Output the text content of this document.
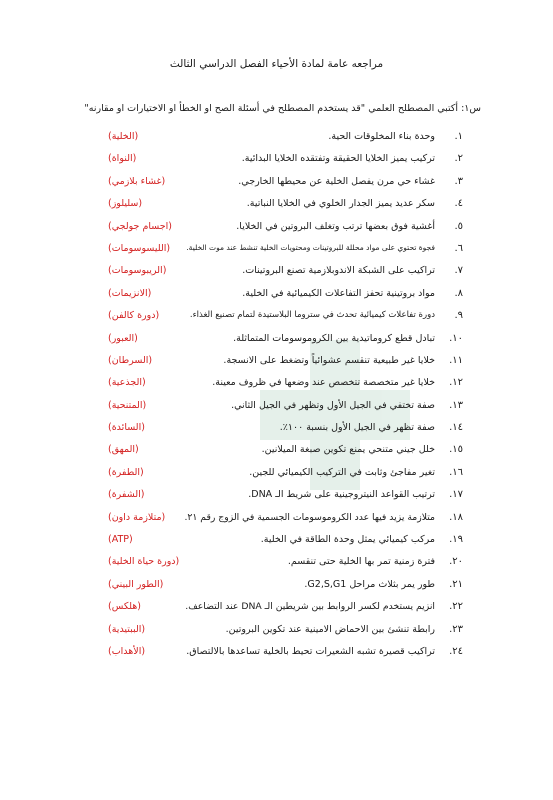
مراجعه عامة لمادة الأحياء الفصل الدراسي الثالث
س١: أكتبي المصطلح العلمي "قد يستخدم المصطلح في أسئلة الصح او الخطأ او الاختيارات او مقارنه"
١.
وحدة بناء المخلوقات الحية.
(الخلية)
٢.
تركيب يميز الخلايا الحقيقة وتفتقده الخلايا البدائية.
(النواة)
٣.
غشاء حي مرن يفصل الخلية عن محيطها الخارجي.
(غشاء بلازمي)
٤.
سكر عديد يميز الجدار الخلوي في الخلايا النباتية.
(سليلوز)
٥.
أغشية فوق بعضها ترتب وتغلف البروتين في الخلايا.
(اجسام جولجي)
٦.
فجوة تحتوي على مواد محللة للبروتينات ومحتويات الخلية تنشط عند موت الخلية.
(الليسوسومات)
٧.
تراكيب على الشبكة الاندوبلازمية تصنع البروتينات.
(الريبوسومات)
٨.
مواد بروتينية تحفز التفاعلات الكيميائية في الخلية.
(الانزيمات)
٩.
دورة تفاعلات كيميائية تحدث في ستروما البلاستيدة لتمام تصنيع الغذاء.
(دورة كالفن)
١٠.
تبادل قطع كروماتيدية بين الكروموسومات المتماثلة.
(العبور)
١١.
خلايا غير طبيعية تنقسم عشوائياً وتضغط على الانسجة.
(السرطان)
١٢.
خلايا غير متخصصة تتخصص عند وضعها في ظروف معينة.
(الجذعية)
١٣.
صفة تختفي في الجيل الأول وتظهر في الجيل الثاني.
(المتنحية)
١٤.
صفة تظهر في الجيل الأول بنسبة ١٠٠٪.
(السائدة)
١٥.
خلل جيني متنحي يمنع تكوين صبغة الميلانين.
(المهق)
١٦.
تغير مفاجئ وثابت في التركيب الكيميائي للجين.
(الطفرة)
١٧.
ترتيب القواعد النيتروجينية على شريط الـ DNA.
(الشفرة)
١٨.
متلازمة يزيد فيها عدد الكروموسومات الجسمية في الزوج رقم ٢١.
(متلازمة داون)
١٩.
مركب كيميائي يمثل وحدة الطاقة في الخلية.
(ATP)
٢٠.
فترة زمنية تمر بها الخلية حتى تنقسم.
(دورة حياة الخلية)
٢١.
طور يمر بثلاث مراحل G2,S,G1.
(الطور البيني)
٢٢.
انزيم يستخدم لكسر الروابط بين شريطين الـ DNA عند التضاعف.
(هلكس)
٢٣.
رابطة تنشئ بين الاحماض الامينية عند تكوين البروتين.
(الببتيدية)
٢٤.
تراكيب قصيرة تشبه الشعيرات تحيط بالخلية تساعدها بالالتصاق.
(الأهداب)
